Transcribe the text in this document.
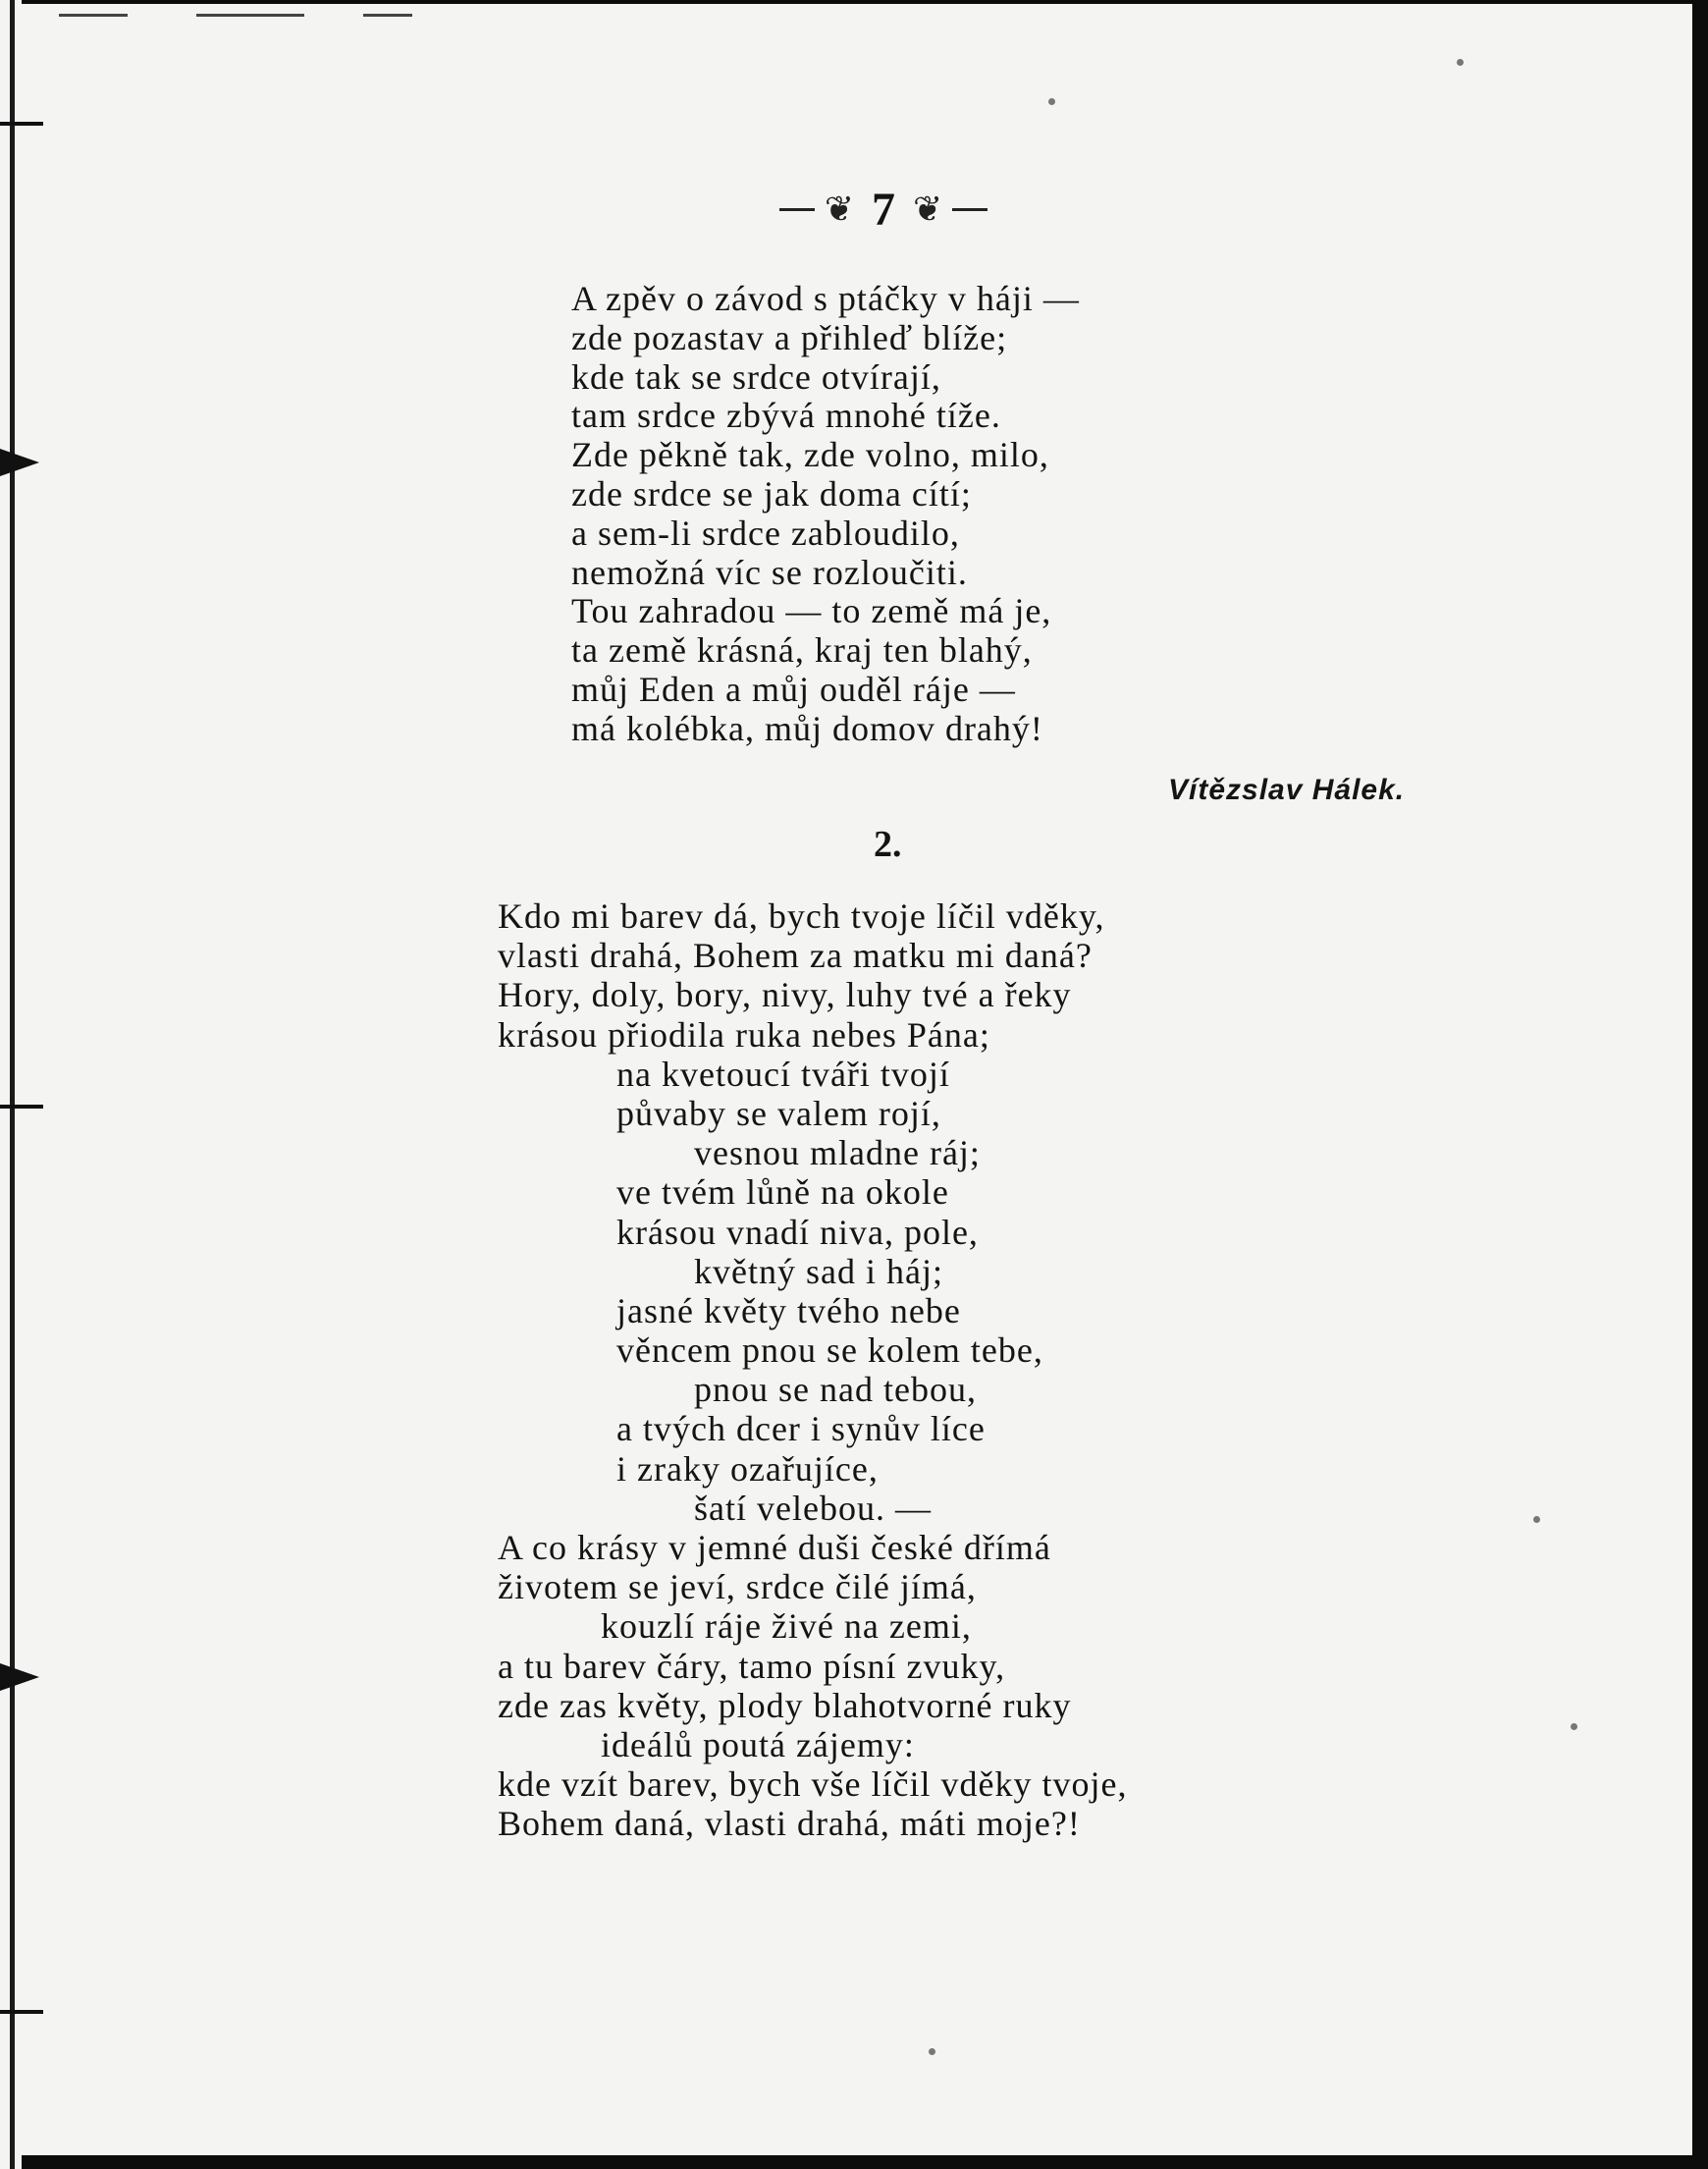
❦ 7 ❦
A zpěv o závod s ptáčky v háji —
zde pozastav a přihleď blíže;
kde tak se srdce otvírají,
tam srdce zbývá mnohé tíže.
Zde pěkně tak, zde volno, milo,
zde srdce se jak doma cítí;
a sem-li srdce zabloudilo,
nemožná víc se rozloučiti.
Tou zahradou — to země má je,
ta země krásná, kraj ten blahý,
můj Eden a můj ouděl ráje —
má kolébka, můj domov drahý!
Vítězslav Hálek.
2.
Kdo mi barev dá, bych tvoje líčil vděky,
vlasti drahá, Bohem za matku mi daná?
Hory, doly, bory, nivy, luhy tvé a řeky
krásou přiodila ruka nebes Pána;
na kvetoucí tváři tvojí
půvaby se valem rojí,
vesnou mladne ráj;
ve tvém lůně na okole
krásou vnadí niva, pole,
květný sad i háj;
jasné květy tvého nebe
věncem pnou se kolem tebe,
pnou se nad tebou,
a tvých dcer i synův líce
i zraky ozařujíce,
šatí velebou. —
A co krásy v jemné duši české dřímá
životem se jeví, srdce čilé jímá,
kouzlí ráje živé na zemi,
a tu barev čáry, tamo písní zvuky,
zde zas květy, plody blahotvorné ruky
ideálů poutá zájemy:
kde vzít barev, bych vše líčil vděky tvoje,
Bohem daná, vlasti drahá, máti moje?!
